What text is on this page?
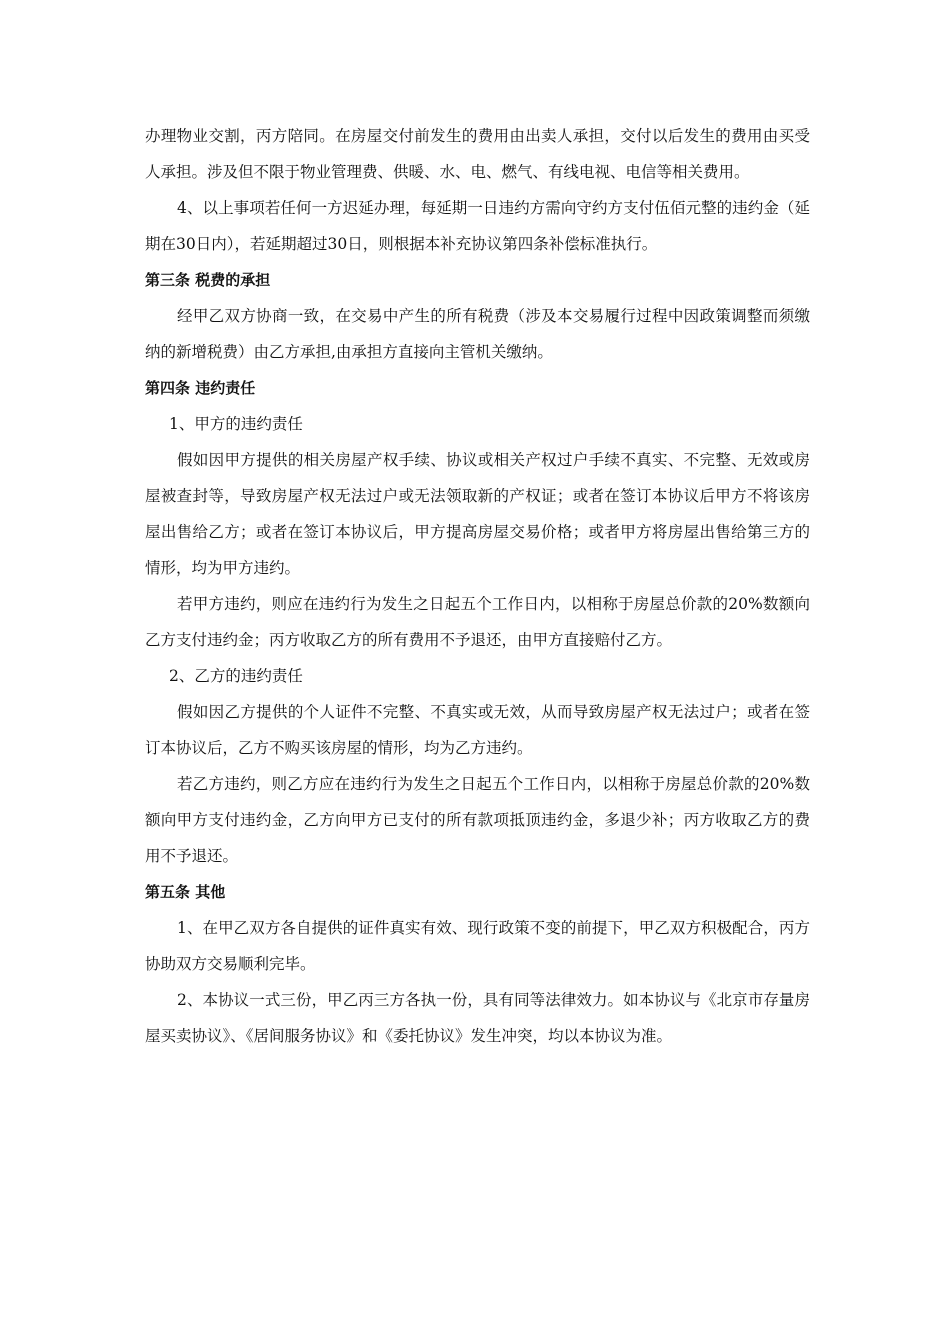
办理物业交割，丙方陪同。在房屋交付前发生的费用由出卖人承担，交付以后发生的费用由买受人承担。涉及但不限于物业管理费、供暖、水、电、燃气、有线电视、电信等相关费用。

4、以上事项若任何一方迟延办理，每延期一日违约方需向守约方支付伍佰元整的违约金（延期在30日内），若延期超过30日，则根据本补充协议第四条补偿标准执行。

第三条 税费的承担

经甲乙双方协商一致，在交易中产生的所有税费（涉及本交易履行过程中因政策调整而须缴纳的新增税费）由乙方承担,由承担方直接向主管机关缴纳。

第四条 违约责任

1、甲方的违约责任

假如因甲方提供的相关房屋产权手续、协议或相关产权过户手续不真实、不完整、无效或房屋被查封等，导致房屋产权无法过户或无法领取新的产权证；或者在签订本协议后甲方不将该房屋出售给乙方；或者在签订本协议后，甲方提高房屋交易价格；或者甲方将房屋出售给第三方的情形，均为甲方违约。

若甲方违约，则应在违约行为发生之日起五个工作日内，以相称于房屋总价款的20%数额向乙方支付违约金；丙方收取乙方的所有费用不予退还，由甲方直接赔付乙方。

2、乙方的违约责任

假如因乙方提供的个人证件不完整、不真实或无效，从而导致房屋产权无法过户；或者在签订本协议后，乙方不购买该房屋的情形，均为乙方违约。

若乙方违约，则乙方应在违约行为发生之日起五个工作日内，以相称于房屋总价款的20%数额向甲方支付违约金，乙方向甲方已支付的所有款项抵顶违约金，多退少补；丙方收取乙方的费用不予退还。

第五条 其他

1、在甲乙双方各自提供的证件真实有效、现行政策不变的前提下，甲乙双方积极配合，丙方协助双方交易顺利完毕。

2、本协议一式三份，甲乙丙三方各执一份，具有同等法律效力。如本协议与《北京市存量房屋买卖协议》、《居间服务协议》和《委托协议》发生冲突，均以本协议为准。
